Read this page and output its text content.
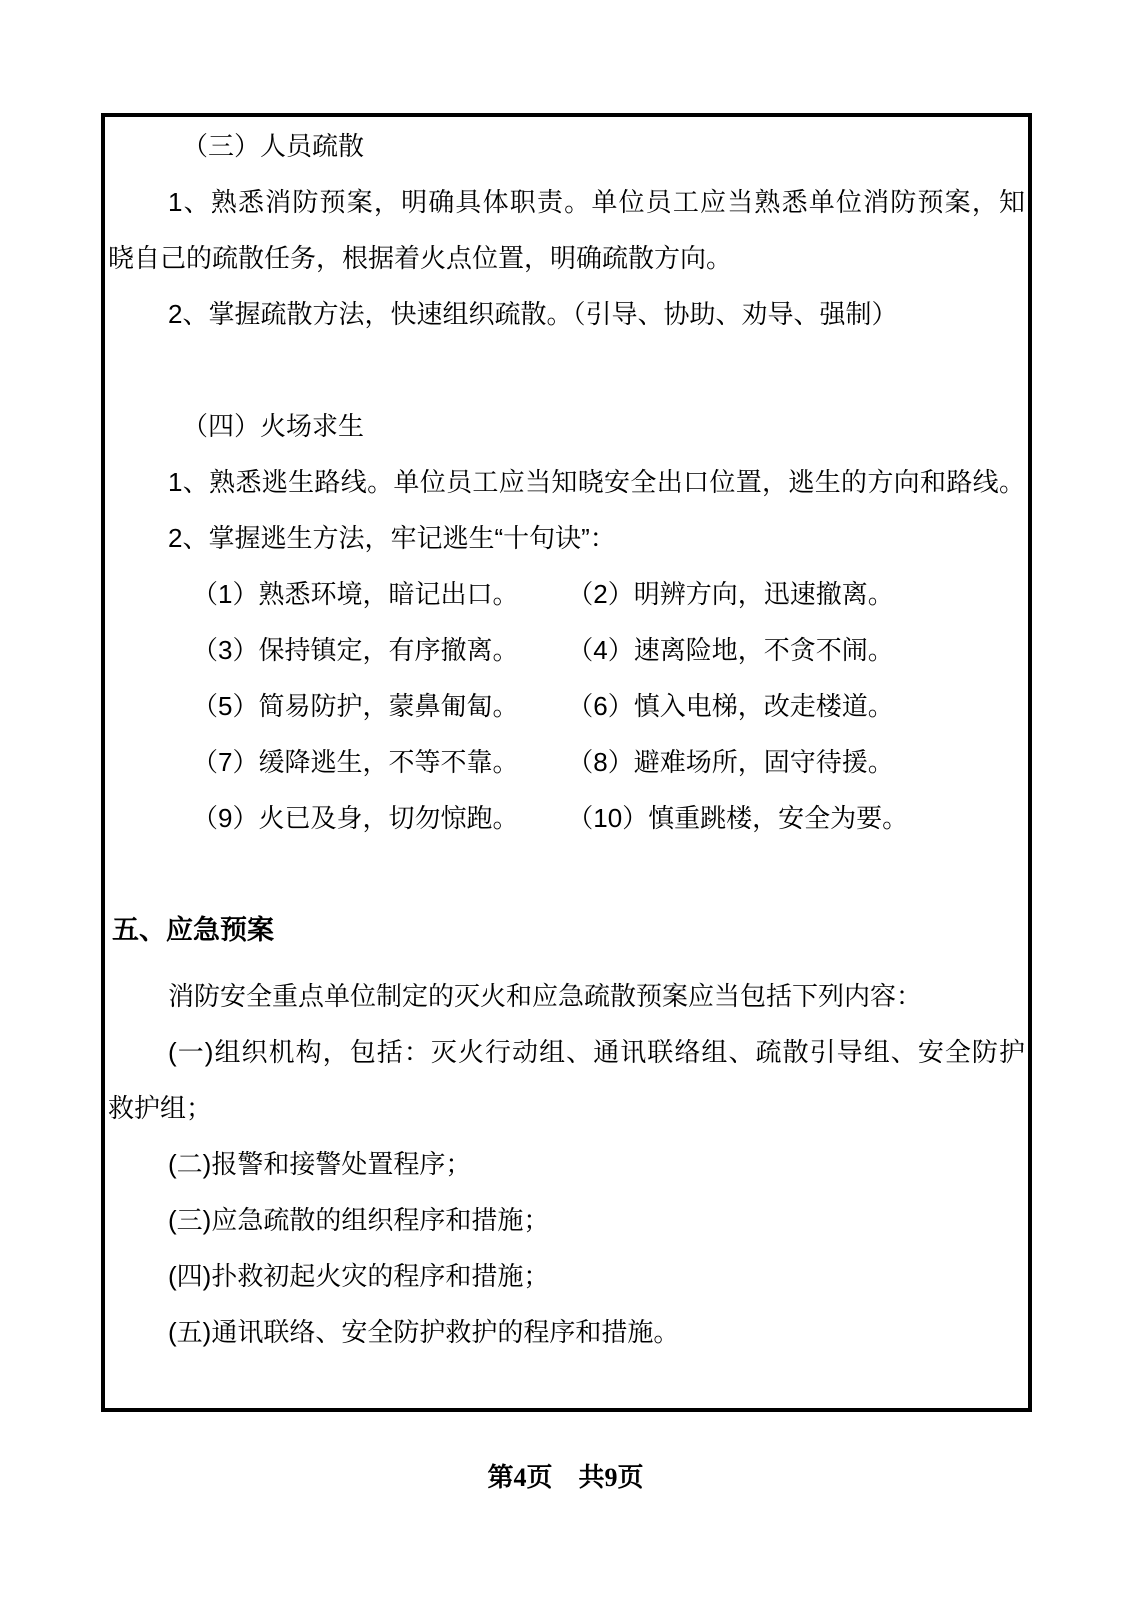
（三）人员疏散
1、熟悉消防预案，明确具体职责。单位员工应当熟悉单位消防预案，知
晓自己的疏散任务，根据着火点位置，明确疏散方向。
2、掌握疏散方法，快速组织疏散。（引导、协助、劝导、强制）
（四）火场求生
1、熟悉逃生路线。单位员工应当知晓安全出口位置，逃生的方向和路线。
2、掌握逃生方法，牢记逃生“十句诀”：
（1）熟悉环境，暗记出口。 （2）明辨方向，迅速撤离。
（3）保持镇定，有序撤离。 （4）速离险地，不贪不闹。
（5）简易防护，蒙鼻匍匐。 （6）慎入电梯，改走楼道。
（7）缓降逃生，不等不靠。 （8）避难场所，固守待援。
（9）火已及身，切勿惊跑。 （10）慎重跳楼，安全为要。
五、应急预案
消防安全重点单位制定的灭火和应急疏散预案应当包括下列内容：
(一)组织机构，包括：灭火行动组、通讯联络组、疏散引导组、安全防护
救护组；
(二)报警和接警处置程序；
(三)应急疏散的组织程序和措施；
(四)扑救初起火灾的程序和措施；
(五)通讯联络、安全防护救护的程序和措施。
第4页　共9页
